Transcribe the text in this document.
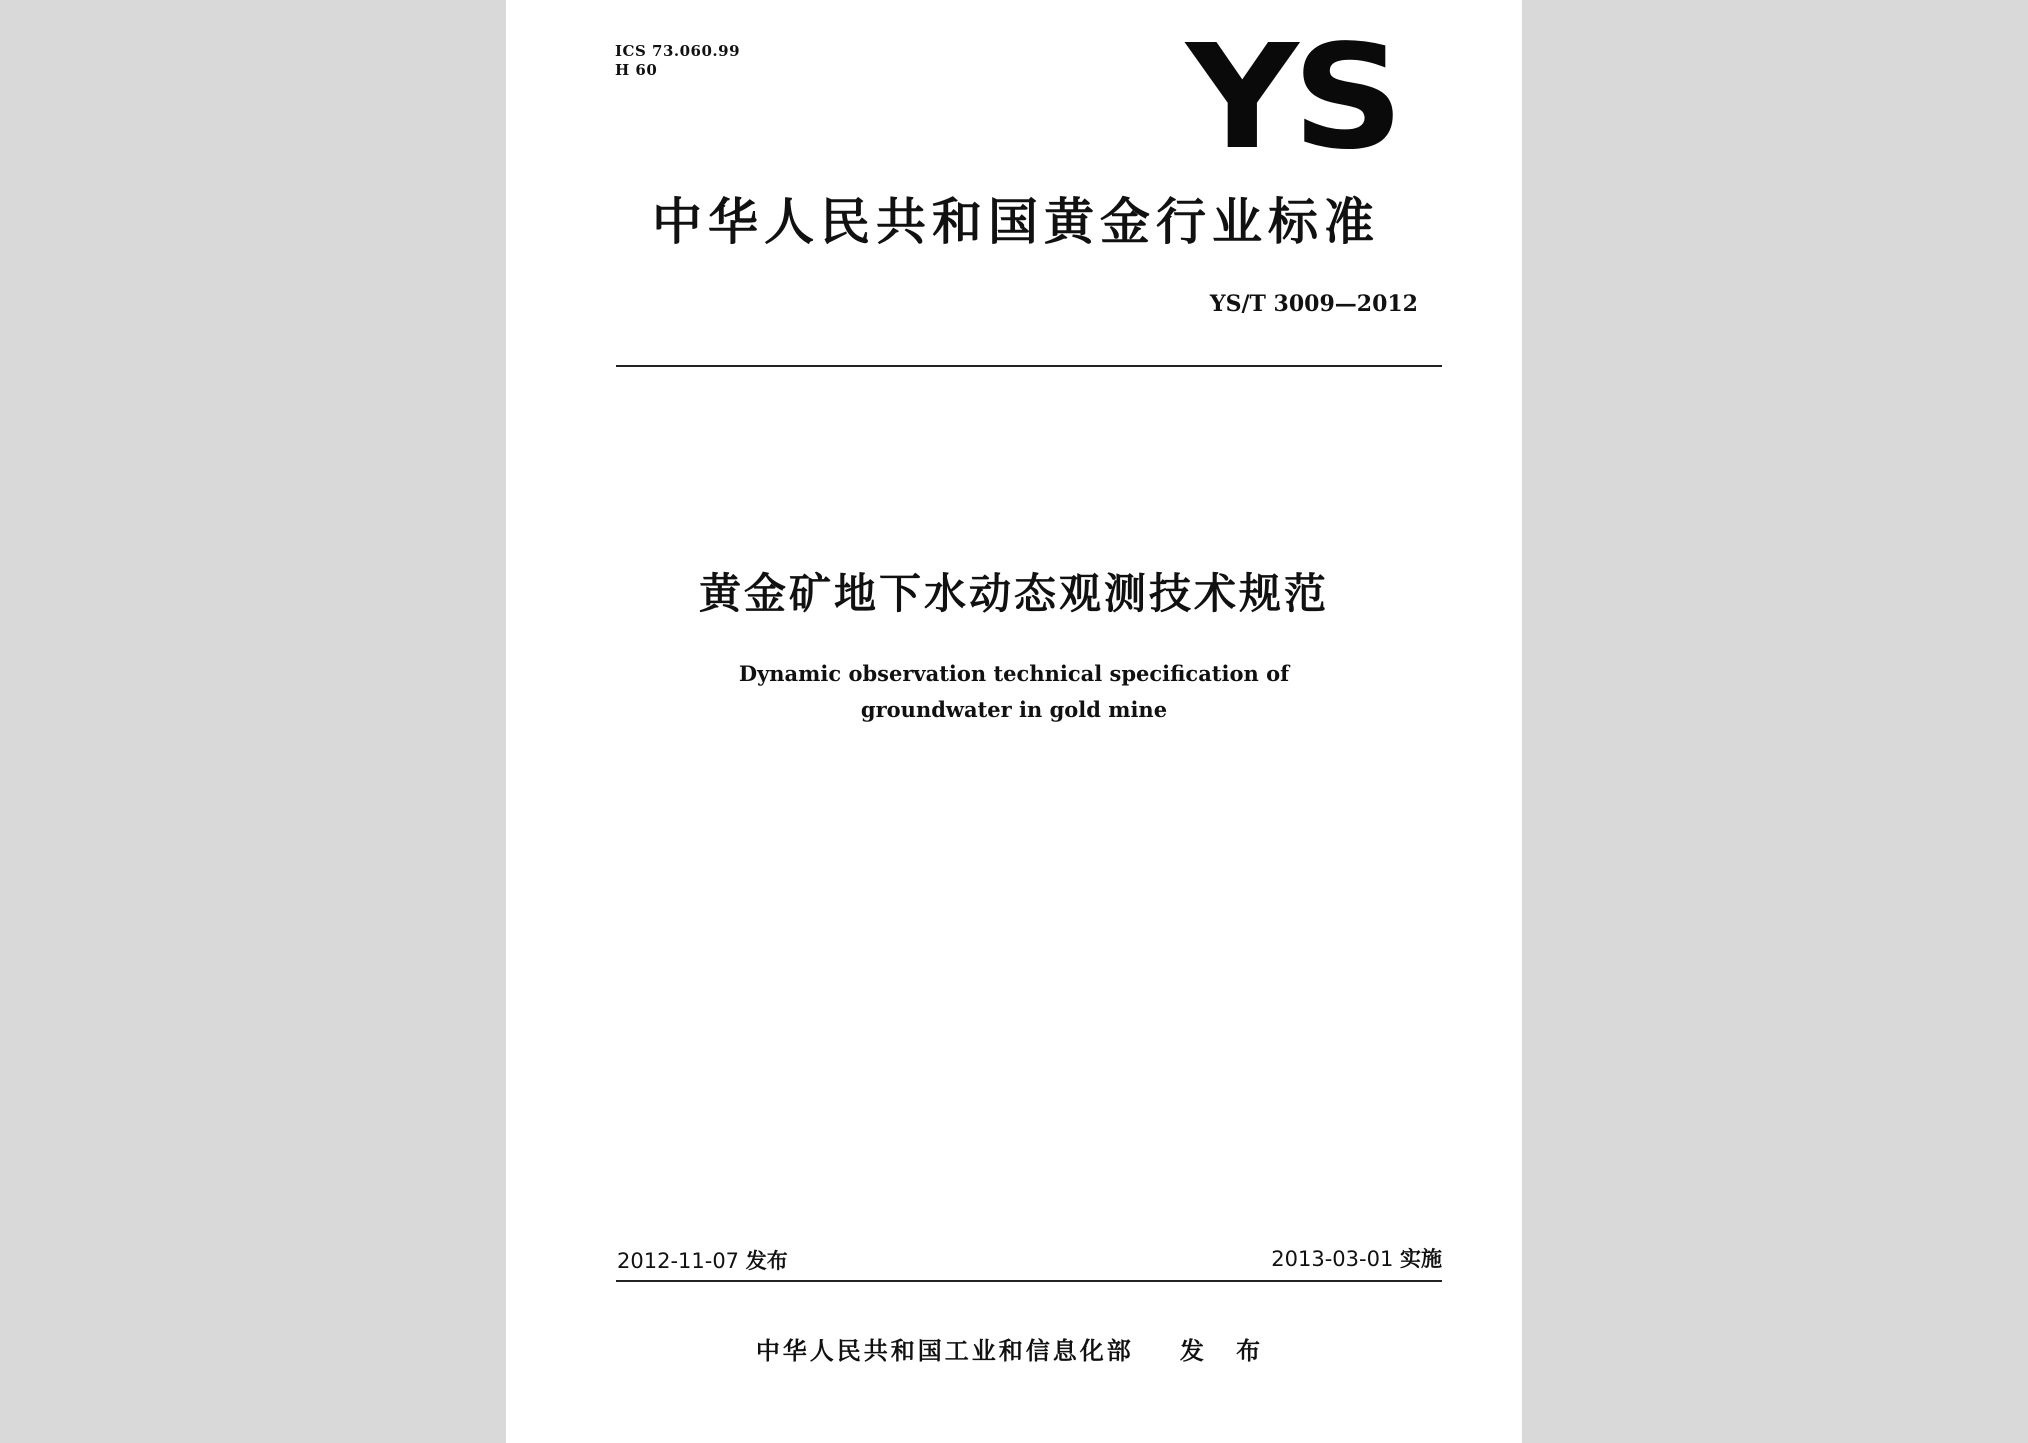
ICS 73.060.99
H 60	YS
中华人民共和国黄金行业标准
YS/T 3009—2012
黄金矿地下水动态观测技术规范
Dynamic observation technical specification of
groundwater in gold mine
2012-11-07 发布	2013-03-01 实施
中华人民共和国工业和信息化部 发 布
